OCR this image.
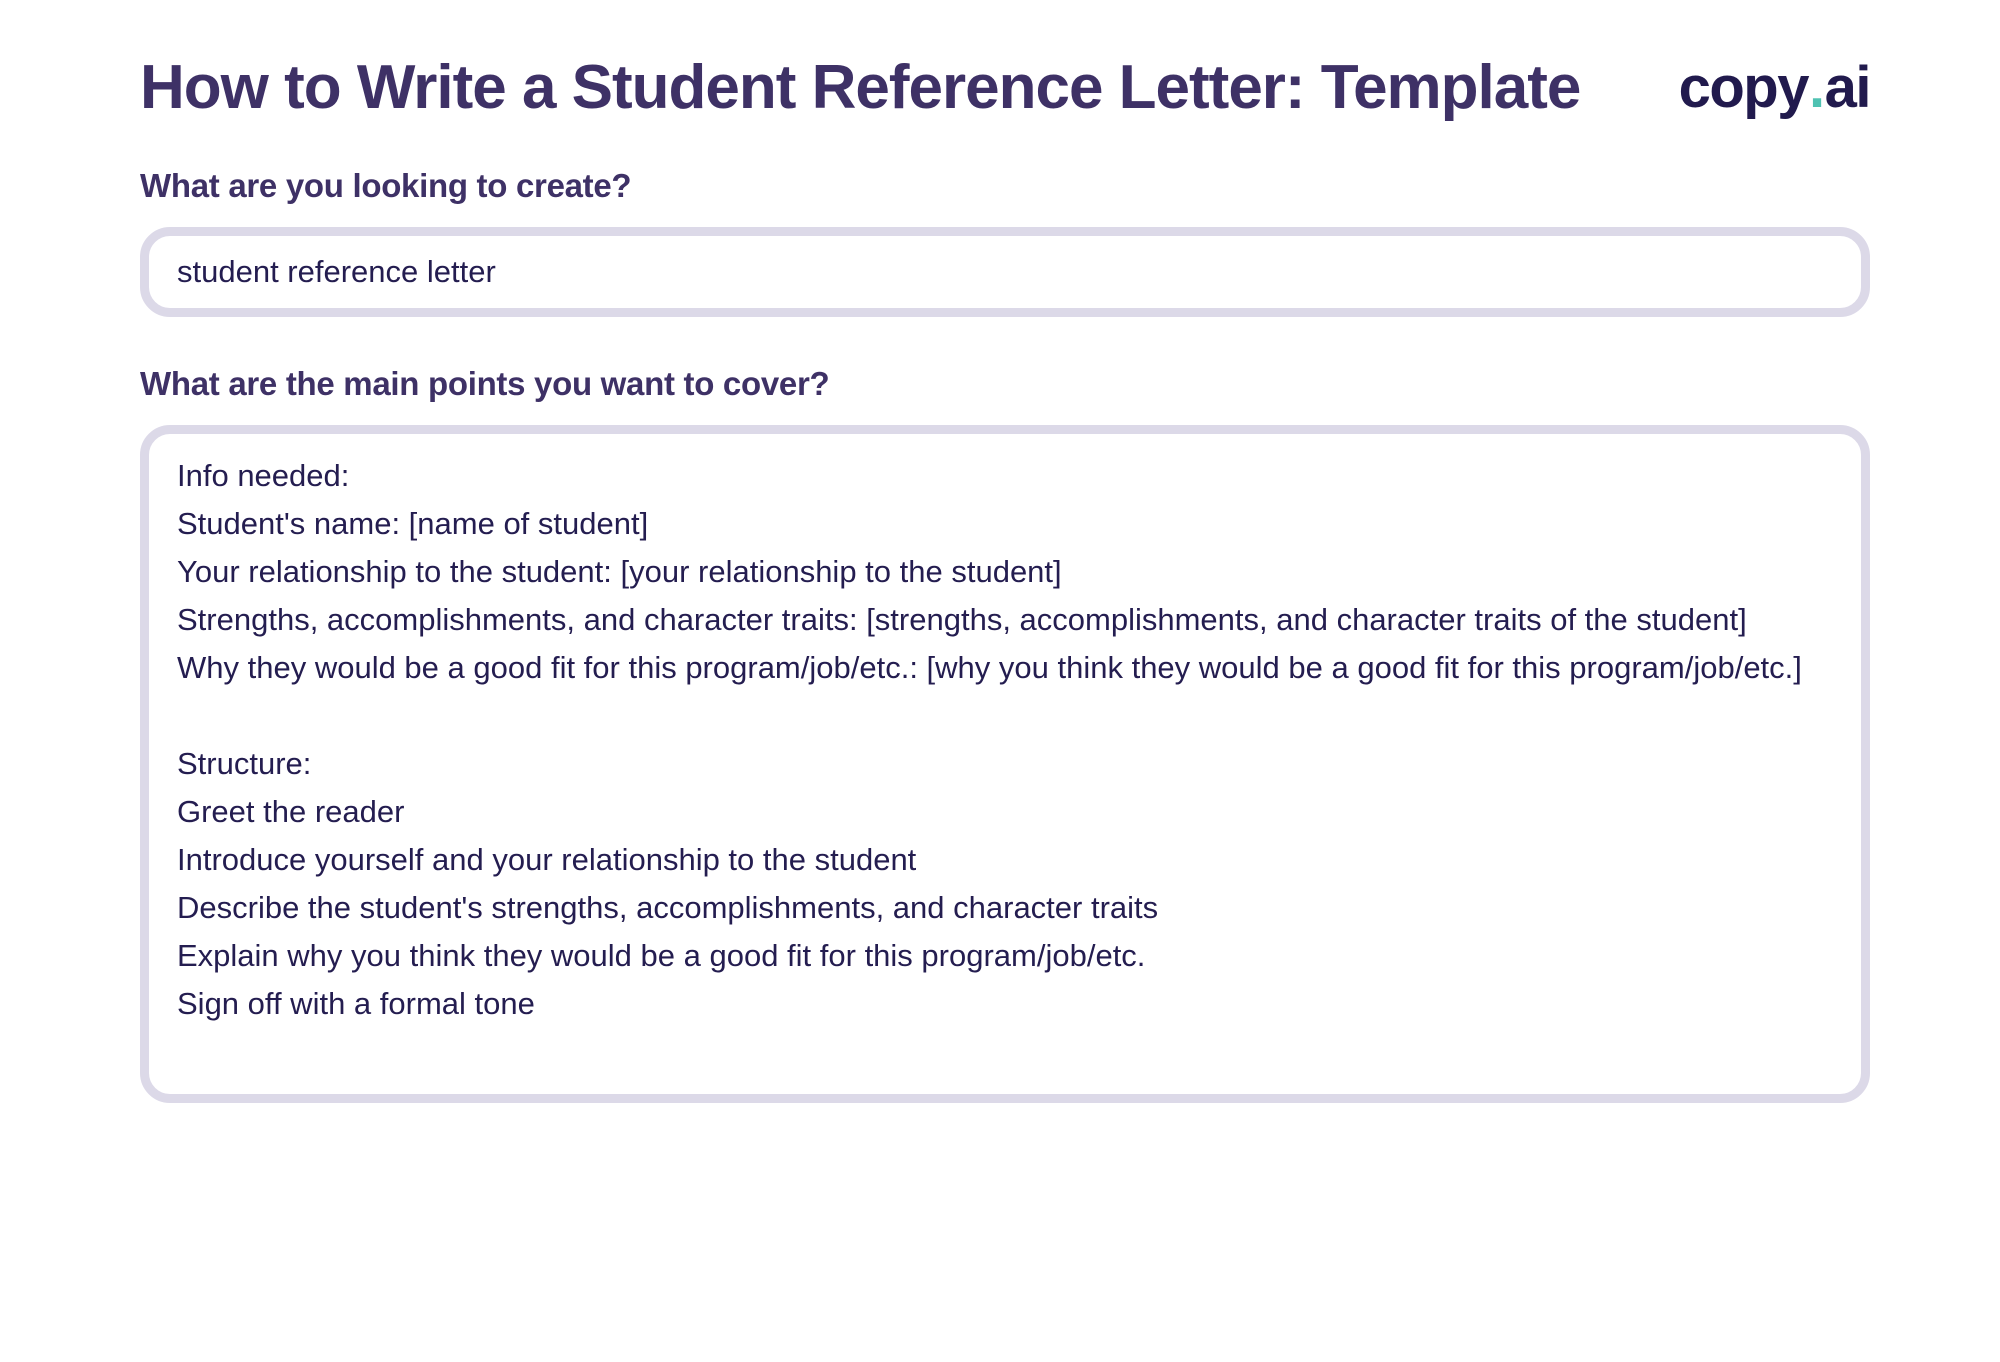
How to Write a Student Reference Letter: Template copy.ai
What are you looking to create?
student reference letter
What are the main points you want to cover?
Info needed: Student's name: [name of student] Your relationship to the student: [your relationship to the student] Strengths, accomplishments, and character traits: [strengths, accomplishments, and character traits of the student] Why they would be a good fit for this program/job/etc.: [why you think they would be a good fit for this program/job/etc.] Structure: Greet the reader Introduce yourself and your relationship to the student Describe the student's strengths, accomplishments, and character traits Explain why you think they would be a good fit for this program/job/etc. Sign off with a formal tone
